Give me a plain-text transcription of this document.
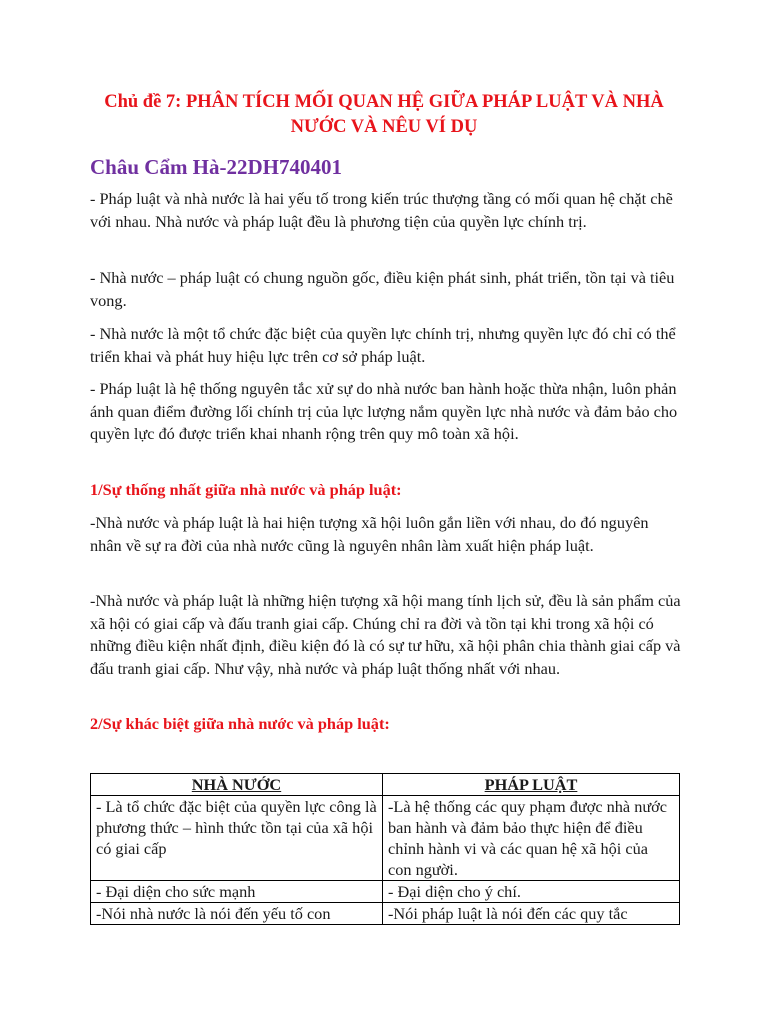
Chủ đề 7: PHÂN TÍCH MỐI QUAN HỆ GIỮA PHÁP LUẬT VÀ NHÀ NƯỚC VÀ NÊU VÍ DỤ
Châu Cẩm Hà-22DH740401

- Pháp luật và nhà nước là hai yếu tố trong kiến trúc thượng tầng có mối quan hệ chặt chẽ với nhau. Nhà nước và pháp luật đều là phương tiện của quyền lực chính trị.

- Nhà nước – pháp luật có chung nguồn gốc, điều kiện phát sinh, phát triển, tồn tại và tiêu vong.

- Nhà nước là một tổ chức đặc biệt của quyền lực chính trị, nhưng quyền lực đó chỉ có thể triển khai và phát huy hiệu lực trên cơ sở pháp luật.

- Pháp luật là hệ thống nguyên tắc xử sự do nhà nước ban hành hoặc thừa nhận, luôn phản ánh quan điểm đường lối chính trị của lực lượng nắm quyền lực nhà nước và đảm bảo cho quyền lực đó được triển khai nhanh rộng trên quy mô toàn xã hội.

1/Sự thống nhất giữa nhà nước và pháp luật:

-Nhà nước và pháp luật là hai hiện tượng xã hội luôn gắn liền với nhau, do đó nguyên nhân về sự ra đời của nhà nước cũng là nguyên nhân làm xuất hiện pháp luật.

-Nhà nước và pháp luật là những hiện tượng xã hội mang tính lịch sử, đều là sản phẩm của xã hội có giai cấp và đấu tranh giai cấp. Chúng chỉ ra đời và tồn tại khi trong xã hội có những điều kiện nhất định, điều kiện đó là có sự tư hữu, xã hội phân chia thành giai cấp và đấu tranh giai cấp. Như vậy, nhà nước và pháp luật thống nhất với nhau.

2/Sự khác biệt giữa nhà nước và pháp luật:

NHÀ NƯỚC	PHÁP LUẬT
- Là tổ chức đặc biệt của quyền lực công là phương thức – hình thức tồn tại của xã hội có giai cấp	-Là hệ thống các quy phạm được nhà nước ban hành và đảm bảo thực hiện để điều chỉnh hành vi và các quan hệ xã hội của con người.
- Đại diện cho sức mạnh	- Đại diện cho ý chí.
-Nói nhà nước là nói đến yếu tố con	-Nói pháp luật là nói đến các quy tắc
